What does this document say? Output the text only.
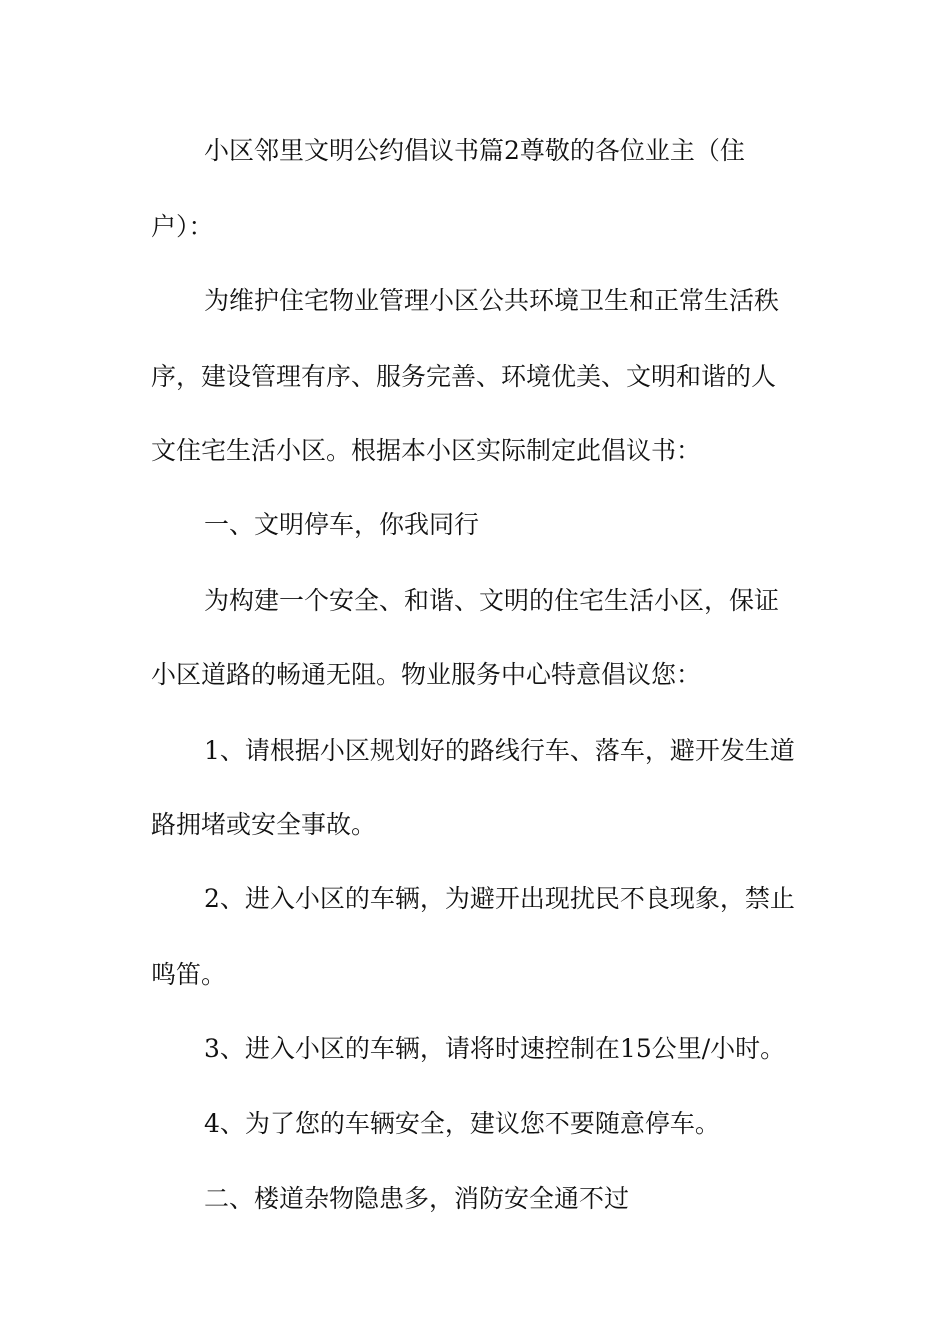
小区邻里文明公约倡议书篇2尊敬的各位业主（住
户）：
为维护住宅物业管理小区公共环境卫生和正常生活秩
序，建设管理有序、服务完善、环境优美、文明和谐的人
文住宅生活小区。根据本小区实际制定此倡议书：
一、文明停车，你我同行
为构建一个安全、和谐、文明的住宅生活小区，保证
小区道路的畅通无阻。物业服务中心特意倡议您：
1、请根据小区规划好的路线行车、落车，避开发生道
路拥堵或安全事故。
2、进入小区的车辆，为避开出现扰民不良现象，禁止
鸣笛。
3、进入小区的车辆，请将时速控制在15公里/小时。
4、为了您的车辆安全，建议您不要随意停车。
二、楼道杂物隐患多，消防安全通不过
